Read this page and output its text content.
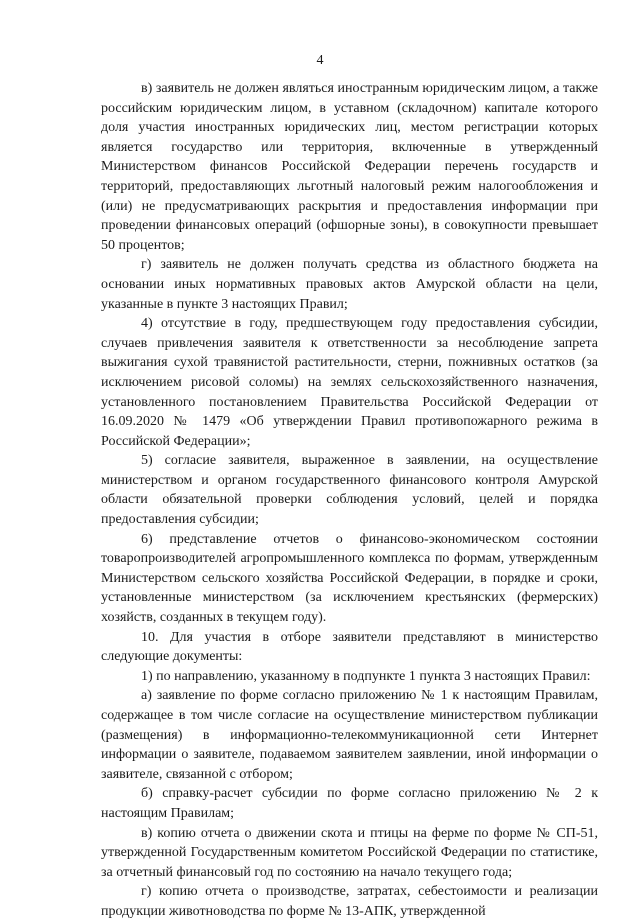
4

в) заявитель не должен являться иностранным юридическим лицом, а также российским юридическим лицом, в уставном (складочном) капитале которого доля участия иностранных юридических лиц, местом регистрации которых является государство или территория, включенные в утвержденный Министерством финансов Российской Федерации перечень государств и территорий, предоставляющих льготный налоговый режим налогообложения и (или) не предусматривающих раскрытия и предоставления информации при проведении финансовых операций (офшорные зоны), в совокупности превышает 50 процентов;

г) заявитель не должен получать средства из областного бюджета на основании иных нормативных правовых актов Амурской области на цели, указанные в пункте 3 настоящих Правил;

4) отсутствие в году, предшествующем году предоставления субсидии, случаев привлечения заявителя к ответственности за несоблюдение запрета выжигания сухой травянистой растительности, стерни, пожнивных остатков (за исключением рисовой соломы) на землях сельскохозяйственного назначения, установленного постановлением Правительства Российской Федерации от 16.09.2020 № 1479 «Об утверждении Правил противопожарного режима в Российской Федерации»;

5) согласие заявителя, выраженное в заявлении, на осуществление министерством и органом государственного финансового контроля Амурской области обязательной проверки соблюдения условий, целей и порядка предоставления субсидии;

6) представление отчетов о финансово-экономическом состоянии товаропроизводителей агропромышленного комплекса по формам, утвержденным Министерством сельского хозяйства Российской Федерации, в порядке и сроки, установленные министерством (за исключением крестьянских (фермерских) хозяйств, созданных в текущем году).

10. Для участия в отборе заявители представляют в министерство следующие документы:

1) по направлению, указанному в подпункте 1 пункта 3 настоящих Правил:

а) заявление по форме согласно приложению № 1 к настоящим Правилам, содержащее в том числе согласие на осуществление министерством публикации (размещения) в информационно-телекоммуникационной сети Интернет информации о заявителе, подаваемом заявителем заявлении, иной информации о заявителе, связанной с отбором;

б) справку-расчет субсидии по форме согласно приложению № 2 к настоящим Правилам;

в) копию отчета о движении скота и птицы на ферме по форме № СП-51, утвержденной Государственным комитетом Российской Федерации по статистике, за отчетный финансовый год по состоянию на начало текущего года;

г) копию отчета о производстве, затратах, себестоимости и реализации продукции животноводства по форме № 13-АПК, утвержденной
